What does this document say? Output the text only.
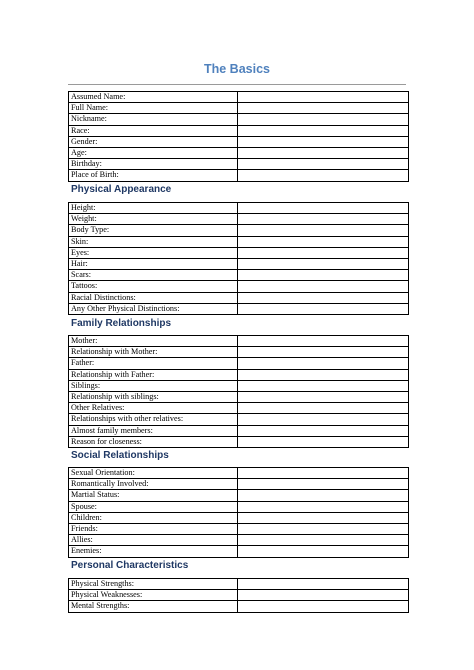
The Basics
Assumed Name:	
Full Name:	
Nickname:	
Race:	
Gender:	
Age:	
Birthday:	
Place of Birth:	
Physical Appearance
Height:	
Weight:	
Body Type:	
Skin:	
Eyes:	
Hair:	
Scars:	
Tattoos:	
Racial Distinctions:	
Any Other Physical Distinctions:	
Family Relationships
Mother:	
Relationship with Mother:	
Father:	
Relationship with Father:	
Siblings:	
Relationship with siblings:	
Other Relatives:	
Relationships with other relatives:	
Almost family members:	
Reason for closeness:	
Social Relationships
Sexual Orientation:	
Romantically Involved:	
Martial Status:	
Spouse:	
Children:	
Friends:	
Allies:	
Enemies:	
Personal Characteristics
Physical Strengths:	
Physical Weaknesses:	
Mental Strengths:	
